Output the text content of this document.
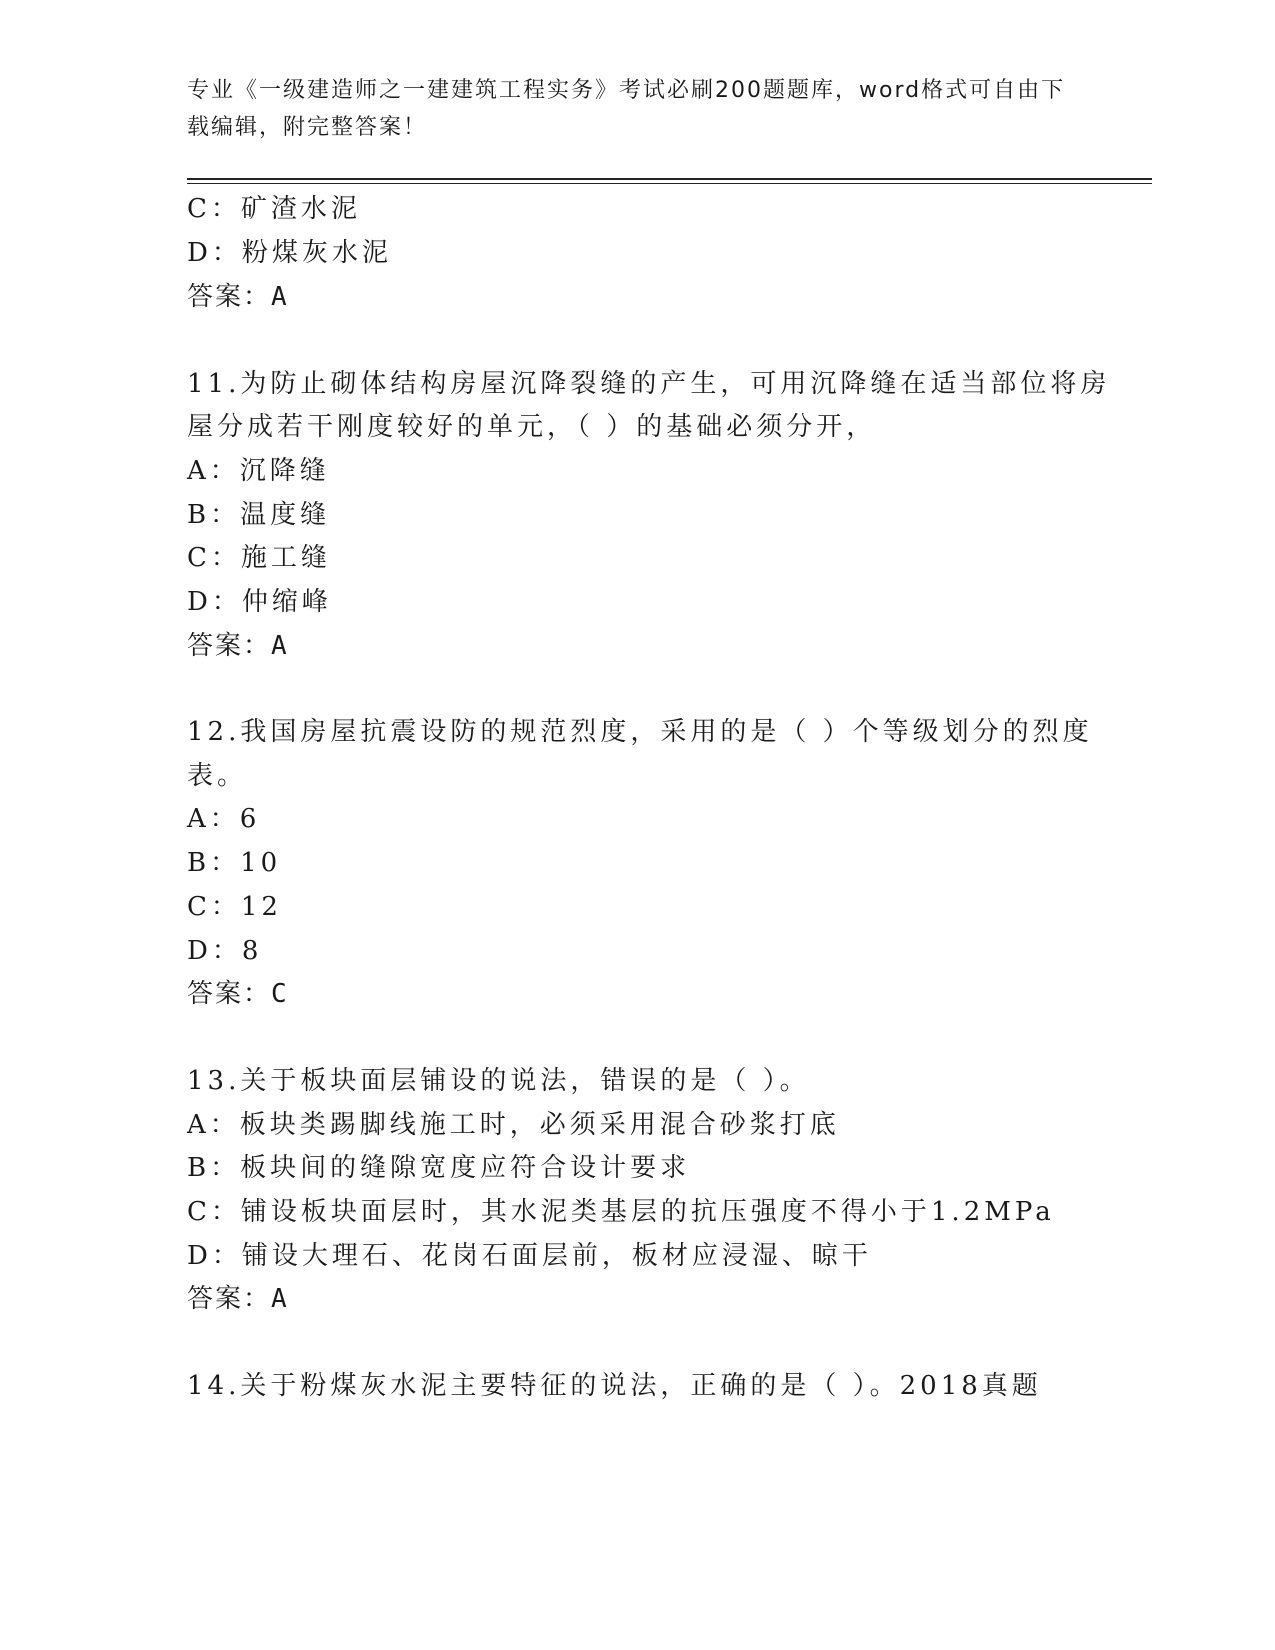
专业《一级建造师之一建建筑工程实务》考试必刷200题题库，word格式可自由下载编辑，附完整答案！
C：矿渣水泥
D：粉煤灰水泥
答案：A
11.为防止砌体结构房屋沉降裂缝的产生，可用沉降缝在适当部位将房
屋分成若干刚度较好的单元，（ ）的基础必须分开，
A：沉降缝
B：温度缝
C：施工缝
D：仲缩峰
答案：A
12.我国房屋抗震设防的规范烈度，采用的是（ ）个等级划分的烈度
表。
A：6
B：10
C：12
D：8
答案：C
13.关于板块面层铺设的说法，错误的是（ ）。
A：板块类踢脚线施工时，必须采用混合砂浆打底
B：板块间的缝隙宽度应符合设计要求
C：铺设板块面层时，其水泥类基层的抗压强度不得小于1.2MPa
D：铺设大理石、花岗石面层前，板材应浸湿、晾干
答案：A
14.关于粉煤灰水泥主要特征的说法，正确的是（ ）。2018真题
